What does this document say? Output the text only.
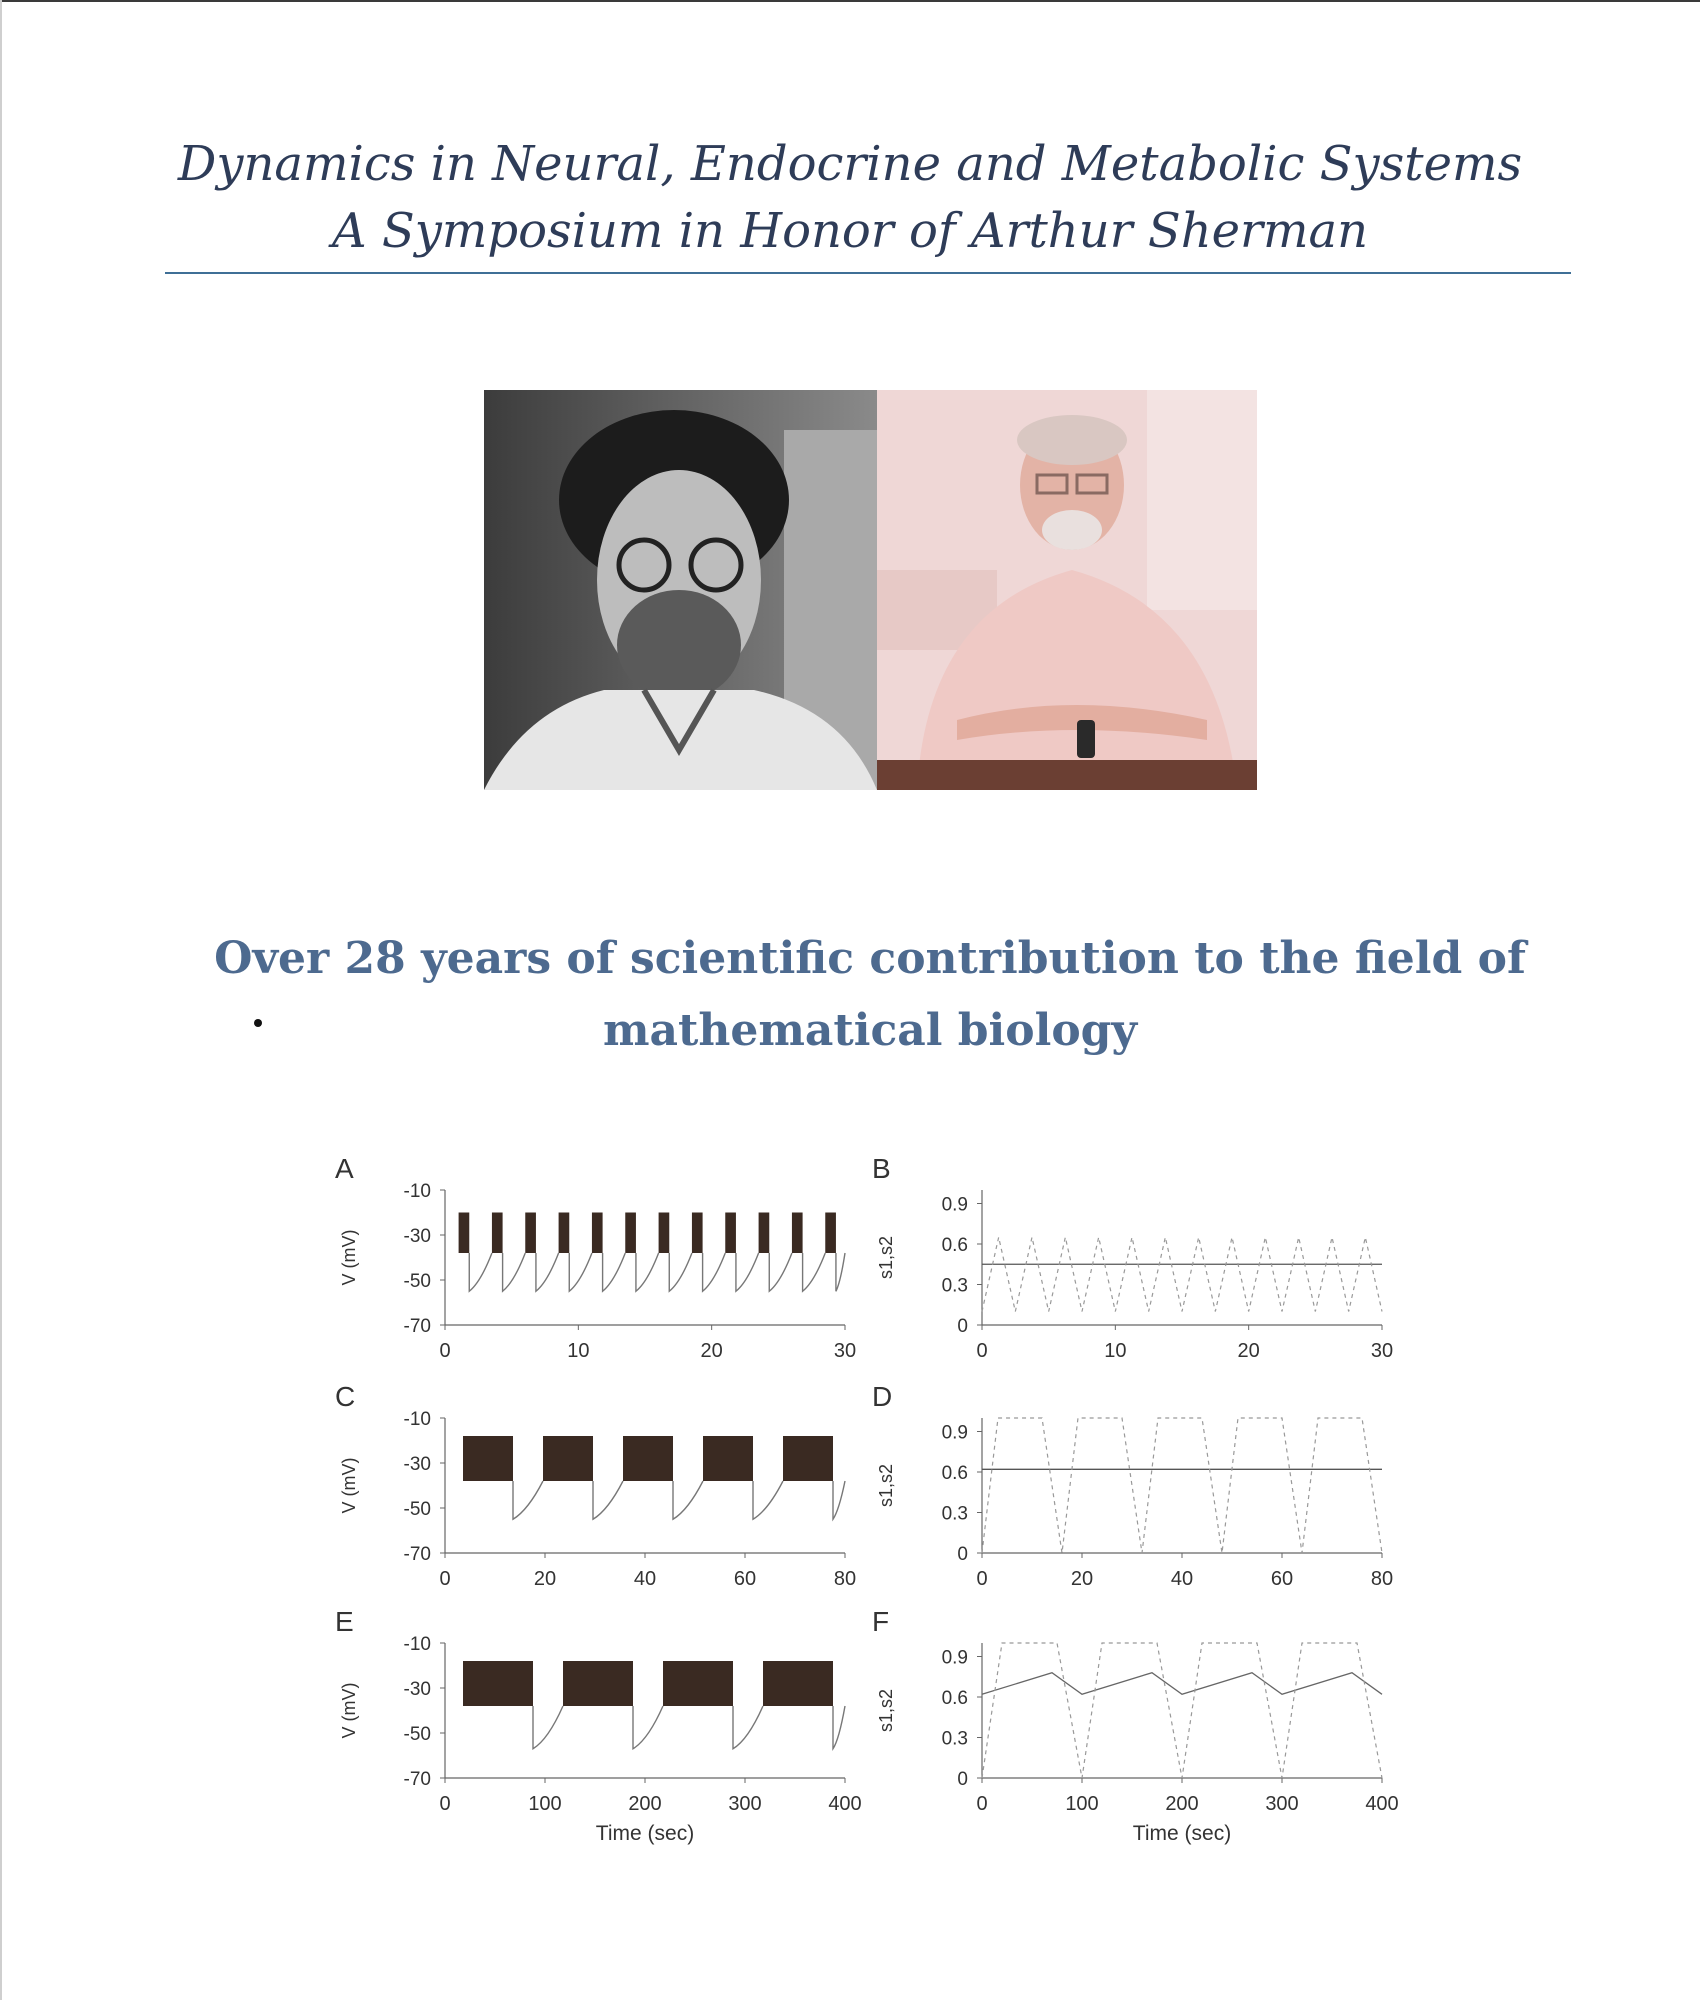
Dynamics in Neural, Endocrine and Metabolic Systems
A Symposium in Honor of Arthur Sherman
Over 28 years of scientific contribution to the field of
mathematical biology
A
-10
-30
-50
-70
0	10	20	30
V (mV)
B
0
0.3
0.6
0.9
0	10	20	30
s1,s2
C
-10
-30
-50
-70
0	20	40	60	80
V (mV)
D
0
0.3
0.6
0.9
0	20	40	60	80
s1,s2
E
-10
-30
-50
-70
0	100	200	300	400
V (mV)
Time (sec)
F
0
0.3
0.6
0.9
0	100	200	300	400
s1,s2
Time (sec)
